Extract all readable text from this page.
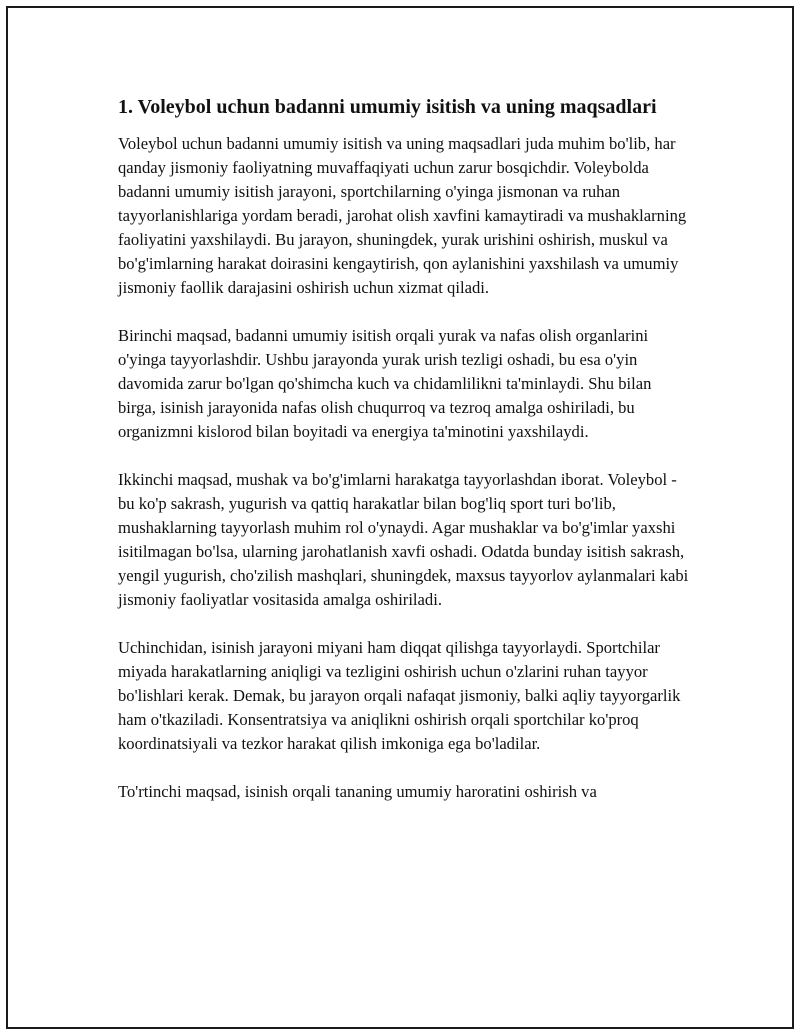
1. Voleybol uchun badanni umumiy isitish va uning maqsadlari

Voleybol uchun badanni umumiy isitish va uning maqsadlari juda muhim bo'lib, har qanday jismoniy faoliyatning muvaffaqiyati uchun zarur bosqichdir. Voleybolda badanni umumiy isitish jarayoni, sportchilarning o'yinga jismonan va ruhan tayyorlanishlariga yordam beradi, jarohat olish xavfini kamaytiradi va mushaklarning faoliyatini yaxshilaydi. Bu jarayon, shuningdek, yurak urishini oshirish, muskul va bo'g'imlarning harakat doirasini kengaytirish, qon aylanishini yaxshilash va umumiy jismoniy faollik darajasini oshirish uchun xizmat qiladi.

Birinchi maqsad, badanni umumiy isitish orqali yurak va nafas olish organlarini o'yinga tayyorlashdir. Ushbu jarayonda yurak urish tezligi oshadi, bu esa o'yin davomida zarur bo'lgan qo'shimcha kuch va chidamlilikni ta'minlaydi. Shu bilan birga, isinish jarayonida nafas olish chuqurroq va tezroq amalga oshiriladi, bu organizmni kislorod bilan boyitadi va energiya ta'minotini yaxshilaydi.

Ikkinchi maqsad, mushak va bo'g'imlarni harakatga tayyorlashdan iborat. Voleybol - bu ko'p sakrash, yugurish va qattiq harakatlar bilan bog'liq sport turi bo'lib, mushaklarning tayyorlash muhim rol o'ynaydi. Agar mushaklar va bo'g'imlar yaxshi isitilmagan bo'lsa, ularning jarohatlanish xavfi oshadi. Odatda bunday isitish sakrash, yengil yugurish, cho'zilish mashqlari, shuningdek, maxsus tayyorlov aylanmalari kabi jismoniy faoliyatlar vositasida amalga oshiriladi.

Uchinchidan, isinish jarayoni miyani ham diqqat qilishga tayyorlaydi. Sportchilar miyada harakatlarning aniqligi va tezligini oshirish uchun o'zlarini ruhan tayyor bo'lishlari kerak. Demak, bu jarayon orqali nafaqat jismoniy, balki aqliy tayyorgarlik ham o'tkaziladi. Konsentratsiya va aniqlikni oshirish orqali sportchilar ko'proq koordinatsiyali va tezkor harakat qilish imkoniga ega bo'ladilar.

To'rtinchi maqsad, isinish orqali tananing umumiy haroratini oshirish va
